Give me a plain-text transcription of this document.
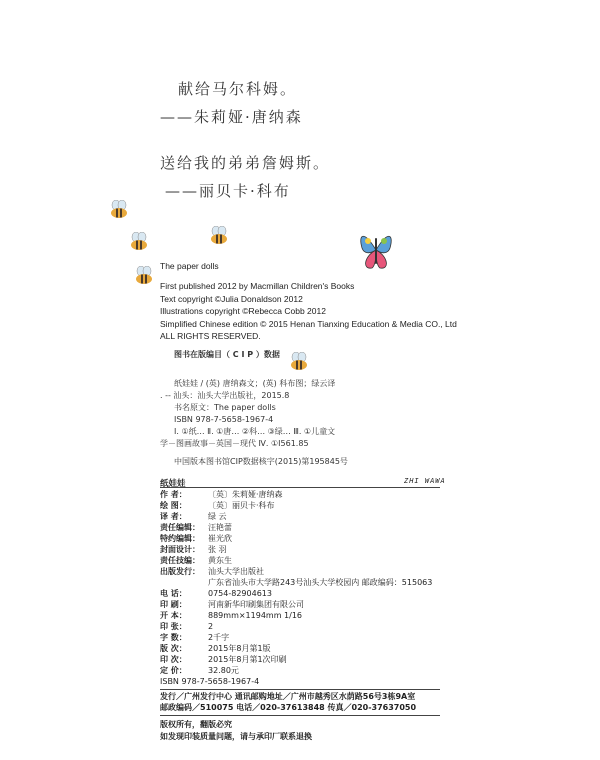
献给马尔科姆。
——朱莉娅·唐纳森
送给我的弟弟詹姆斯。
——丽贝卡·科布
The paper dolls
First published 2012 by Macmillan Children's Books
Text copyright ©Julia Donaldson 2012
Illustrations copyright ©Rebecca Cobb 2012
Simplified Chinese edition © 2015 Henan Tianxing Education & Media CO., Ltd
ALL RIGHTS RESERVED.
图书在版编目（ C I P ）数据
纸娃娃 / (英) 唐纳森文；(英) 科布图；绿云译
. -- 汕头：汕头大学出版社，2015.8
书名原文：The paper dolls
ISBN 978-7-5658-1967-4
Ⅰ. ①纸… Ⅱ. ①唐… ②科… ③绿… Ⅲ. ①儿童文
学－图画故事－英国－现代 Ⅳ. ①I561.85
中国版本图书馆CIP数据核字(2015)第195845号
纸娃娃	ZHI WAWA
作 者：	〔英〕朱莉娅·唐纳森
绘 图：	〔英〕丽贝卡·科布
译 者：	绿 云
责任编辑： 汪艳蕾
特约编辑： 崔光欣
封面设计： 张 羽
责任技编： 黄东生
出版发行： 汕头大学出版社
广东省汕头市大学路243号汕头大学校园内 邮政编码：515063
电 话：	0754-82904613
印 刷：	河南新华印刷集团有限公司
开 本：	889mm×1194mm 1/16
印 张：	2
字 数：	2千字
版 次：	2015年8月第1版
印 次：	2015年8月第1次印刷
定 价：	32.80元
ISBN 978-7-5658-1967-4
发行／广州发行中心 通讯邮购地址／广州市越秀区水荫路56号3栋9A室
邮政编码／510075 电话／020-37613848 传真／020-37637050
版权所有，翻版必究
如发现印装质量问题，请与承印厂联系退换
